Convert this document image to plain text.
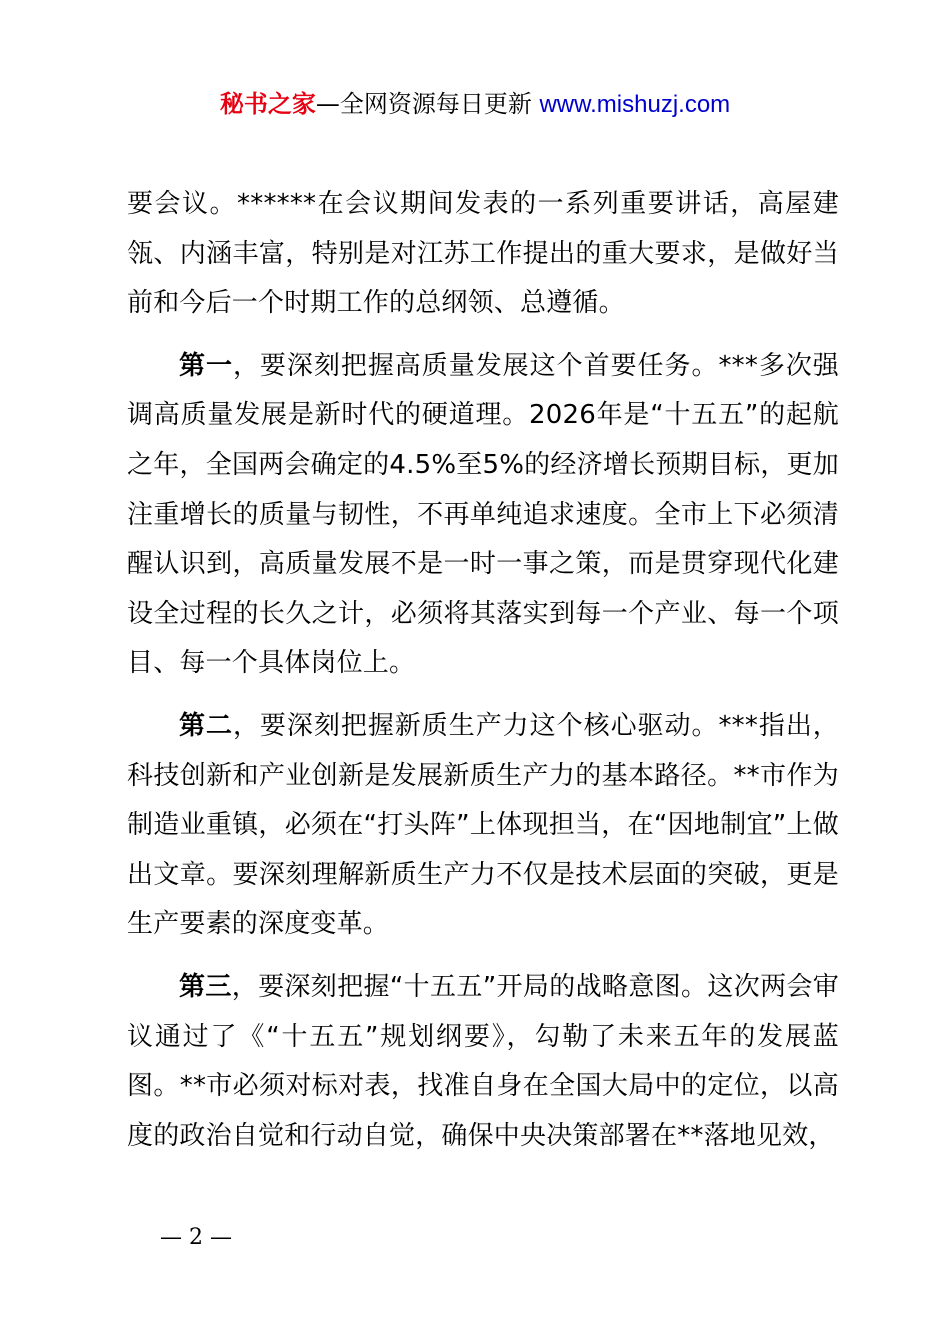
秘书之家—全网资源每日更新 www.mishuzj.com

要会议。******在会议期间发表的一系列重要讲话，高屋建瓴、内涵丰富，特别是对江苏工作提出的重大要求，是做好当前和今后一个时期工作的总纲领、总遵循。

第一，要深刻把握高质量发展这个首要任务。***多次强调高质量发展是新时代的硬道理。2026年是“十五五”的起航之年，全国两会确定的4.5%至5%的经济增长预期目标，更加注重增长的质量与韧性，不再单纯追求速度。全市上下必须清醒认识到，高质量发展不是一时一事之策，而是贯穿现代化建设全过程的长久之计，必须将其落实到每一个产业、每一个项目、每一个具体岗位上。

第二，要深刻把握新质生产力这个核心驱动。***指出，科技创新和产业创新是发展新质生产力的基本路径。**市作为制造业重镇，必须在“打头阵”上体现担当，在“因地制宜”上做出文章。要深刻理解新质生产力不仅是技术层面的突破，更是生产要素的深度变革。

第三，要深刻把握“十五五”开局的战略意图。这次两会审议通过了《“十五五”规划纲要》，勾勒了未来五年的发展蓝图。**市必须对标对表，找准自身在全国大局中的定位，以高度的政治自觉和行动自觉，确保中央决策部署在**落地见效，

— 2 —
